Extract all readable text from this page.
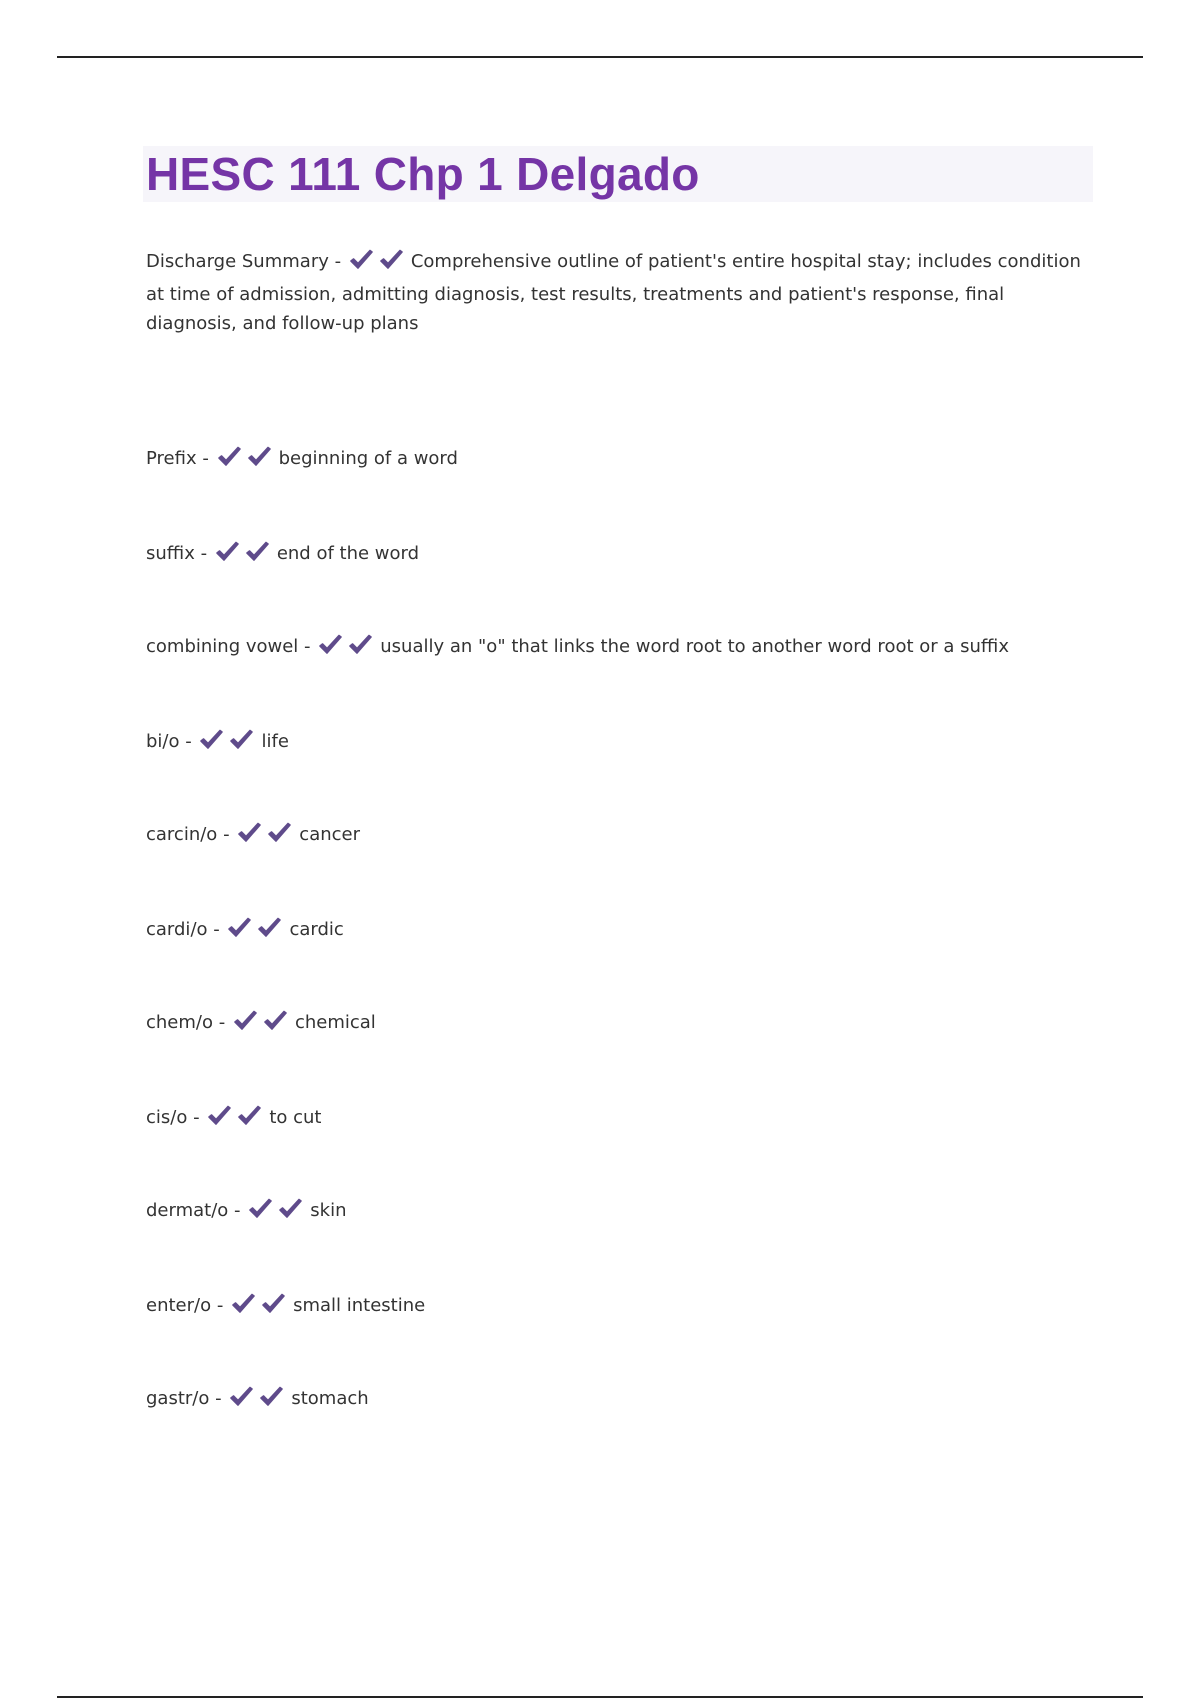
HESC 111 Chp 1 Delgado

Discharge Summary -	Comprehensive outline of patient's entire hospital stay; includes condition at time of admission, admitting diagnosis, test results, treatments and patient's response, final diagnosis, and follow-up plans

Prefix -	beginning of a word

suffix -	end of the word

combining vowel -	usually an "o" that links the word root to another word root or a suffix

bi/o -	life

carcin/o -	cancer

cardi/o -	cardic

chem/o -	chemical

cis/o -	to cut

dermat/o -	skin

enter/o -	small intestine

gastr/o -	stomach
